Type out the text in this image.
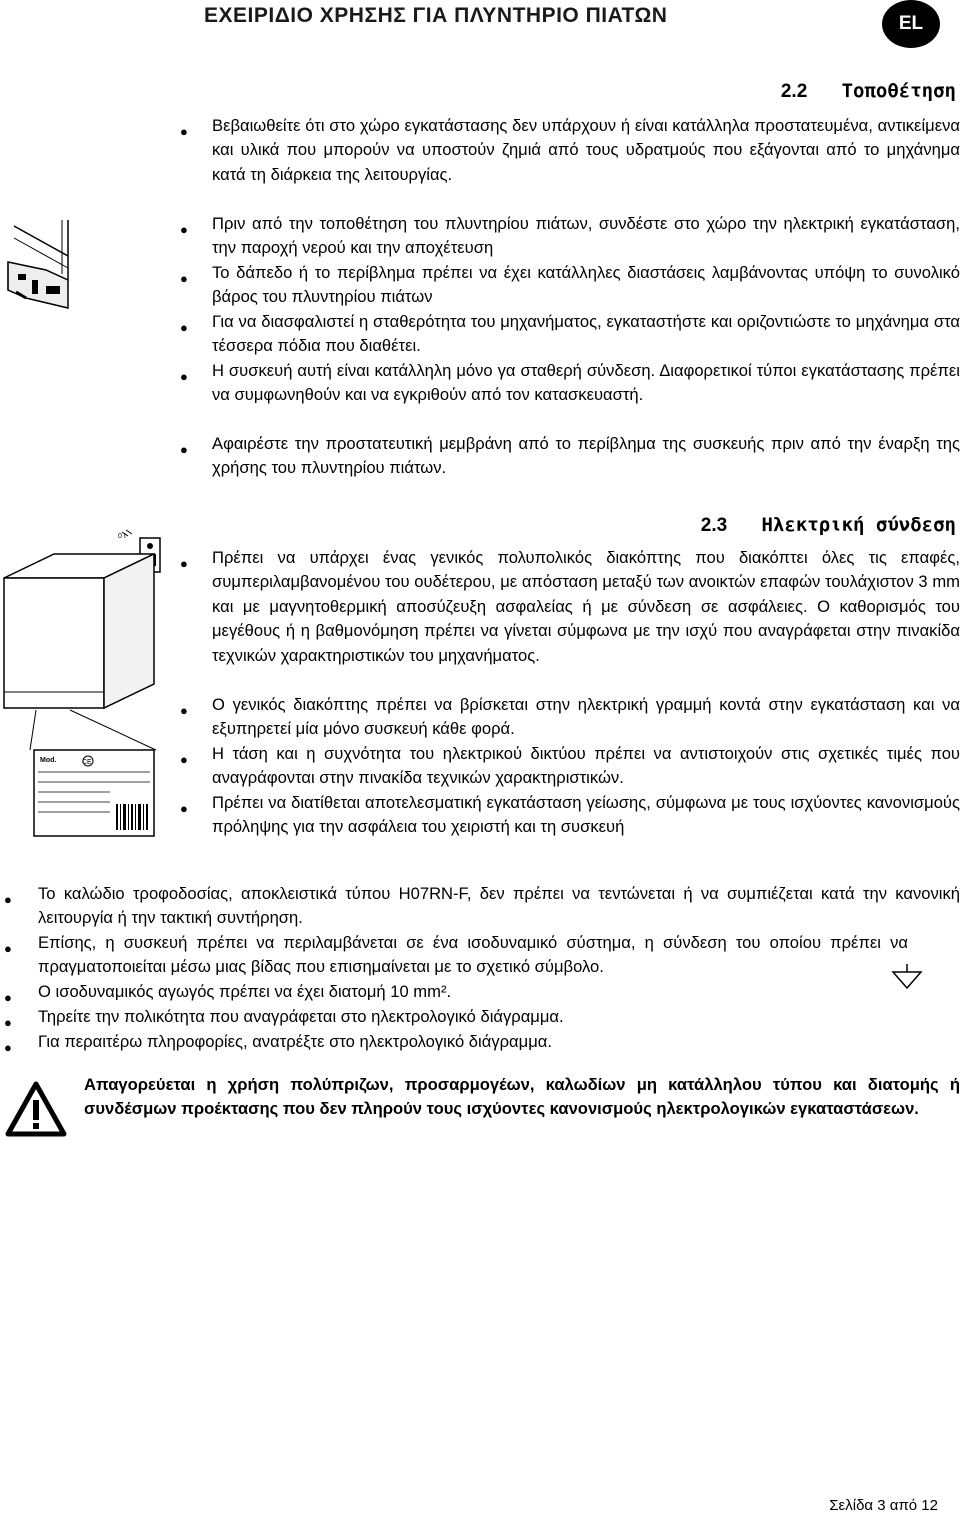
ΕΧΕΙΡΙΔΙΟ ΧΡΗΣΗΣ ΓΙΑ ΠΛΥΝΤΗΡΙΟ ΠΙΑΤΩΝ	EL
2.2 Τοποθέτηση
● Βεβαιωθείτε ότι στο χώρο εγκατάστασης δεν υπάρχουν ή είναι κατάλληλα προστατευμένα, αντικείμενα και υλικά που μπορούν να υποστούν ζημιά από τους υδρατμούς που εξάγονται από το μηχάνημα κατά τη διάρκεια της λειτουργίας.
● Πριν από την τοποθέτηση του πλυντηρίου πιάτων, συνδέστε στο χώρο την ηλεκτρική εγκατάσταση, την παροχή νερού και την αποχέτευση
● Το δάπεδο ή το περίβλημα πρέπει να έχει κατάλληλες διαστάσεις λαμβάνοντας υπόψη το συνολικό βάρος του πλυντηρίου πιάτων
● Για να διασφαλιστεί η σταθερότητα του μηχανήματος, εγκαταστήστε και οριζοντιώστε το μηχάνημα στα τέσσερα πόδια που διαθέτει.
● Η συσκευή αυτή είναι κατάλληλη μόνο γα σταθερή σύνδεση. Διαφορετικοί τύποι εγκατάστασης πρέπει να συμφωνηθούν και να εγκριθούν από τον κατασκευαστή.
● Αφαιρέστε την προστατευτική μεμβράνη από το περίβλημα της συσκευής πριν από την έναρξη της χρήσης του πλυντηρίου πιάτων.
2.3 Ηλεκτρική σύνδεση
0 I
Mod.	CE
● Πρέπει να υπάρχει ένας γενικός πολυπολικός διακόπτης που διακόπτει όλες τις επαφές, συμπεριλαμβανομένου του ουδέτερου, με απόσταση μεταξύ των ανοικτών επαφών τουλάχιστον 3 mm και με μαγνητοθερμική αποσύζευξη ασφαλείας ή με σύνδεση σε ασφάλειες. Ο καθορισμός του μεγέθους ή η βαθμονόμηση πρέπει να γίνεται σύμφωνα με την ισχύ που αναγράφεται στην πινακίδα τεχνικών χαρακτηριστικών του μηχανήματος.
● Ο γενικός διακόπτης πρέπει να βρίσκεται στην ηλεκτρική γραμμή κοντά στην εγκατάσταση και να εξυπηρετεί μία μόνο συσκευή κάθε φορά.
● Η τάση και η συχνότητα του ηλεκτρικού δικτύου πρέπει να αντιστοιχούν στις σχετικές τιμές που αναγράφονται στην πινακίδα τεχνικών χαρακτηριστικών.
● Πρέπει να διατίθεται αποτελεσματική εγκατάσταση γείωσης, σύμφωνα με τους ισχύοντες κανονισμούς πρόληψης για την ασφάλεια του χειριστή και τη συσκευή
● Το καλώδιο τροφοδοσίας, αποκλειστικά τύπου H07RN-F, δεν πρέπει να τεντώνεται ή να συμπιέζεται κατά την κανονική λειτουργία ή την τακτική συντήρηση.
● Επίσης, η συσκευή πρέπει να περιλαμβάνεται σε ένα ισοδυναμικό σύστημα, η σύνδεση του οποίου πρέπει να πραγματοποιείται μέσω μιας βίδας που επισημαίνεται με το σχετικό σύμβολο.
● Ο ισοδυναμικός αγωγός πρέπει να έχει διατομή 10 mm².
● Τηρείτε την πολικότητα που αναγράφεται στο ηλεκτρολογικό διάγραμμα.
● Για περαιτέρω πληροφορίες, ανατρέξτε στο ηλεκτρολογικό διάγραμμα.
Απαγορεύεται η χρήση πολύπριζων, προσαρμογέων, καλωδίων μη κατάλληλου τύπου και διατομής ή συνδέσμων προέκτασης που δεν πληρούν τους ισχύοντες κανονισμούς ηλεκτρολογικών εγκαταστάσεων.
Σελίδα 3 από 12
